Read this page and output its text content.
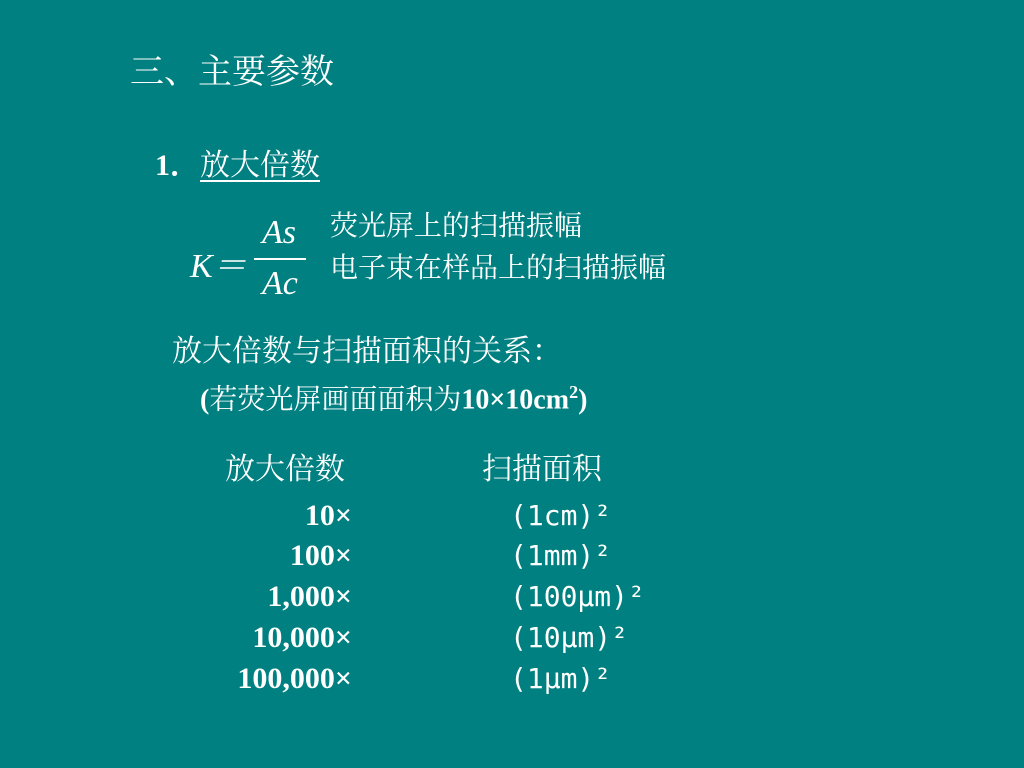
三、主要参数
1．放大倍数
K＝
As
Ac
荧光屏上的扫描振幅
电子束在样品上的扫描振幅
放大倍数与扫描面积的关系：
(若荧光屏画面面积为$10\times 10cm^2$)
放大倍数	扫描面积
10×	(1cm)²
100×	(1mm)²
1,000×	(100μm)²
10,000×	(10μm)²
100,000×	(1μm)²
